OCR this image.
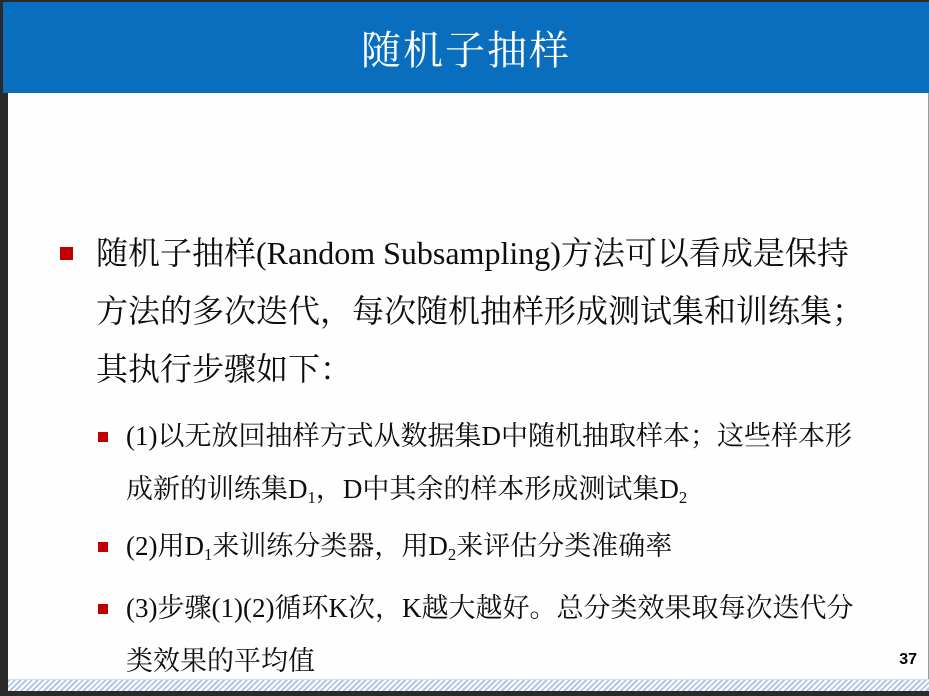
随机子抽样
随机子抽样(Random Subsampling)方法可以看成是保持
方法的多次迭代，每次随机抽样形成测试集和训练集；
其执行步骤如下：
(1)以无放回抽样方式从数据集D中随机抽取样本；这些样本形
成新的训练集D1，D中其余的样本形成测试集D2
(2)用D1来训练分类器，用D2来评估分类准确率
(3)步骤(1)(2)循环K次，K越大越好。总分类效果取每次迭代分
类效果的平均值	37
